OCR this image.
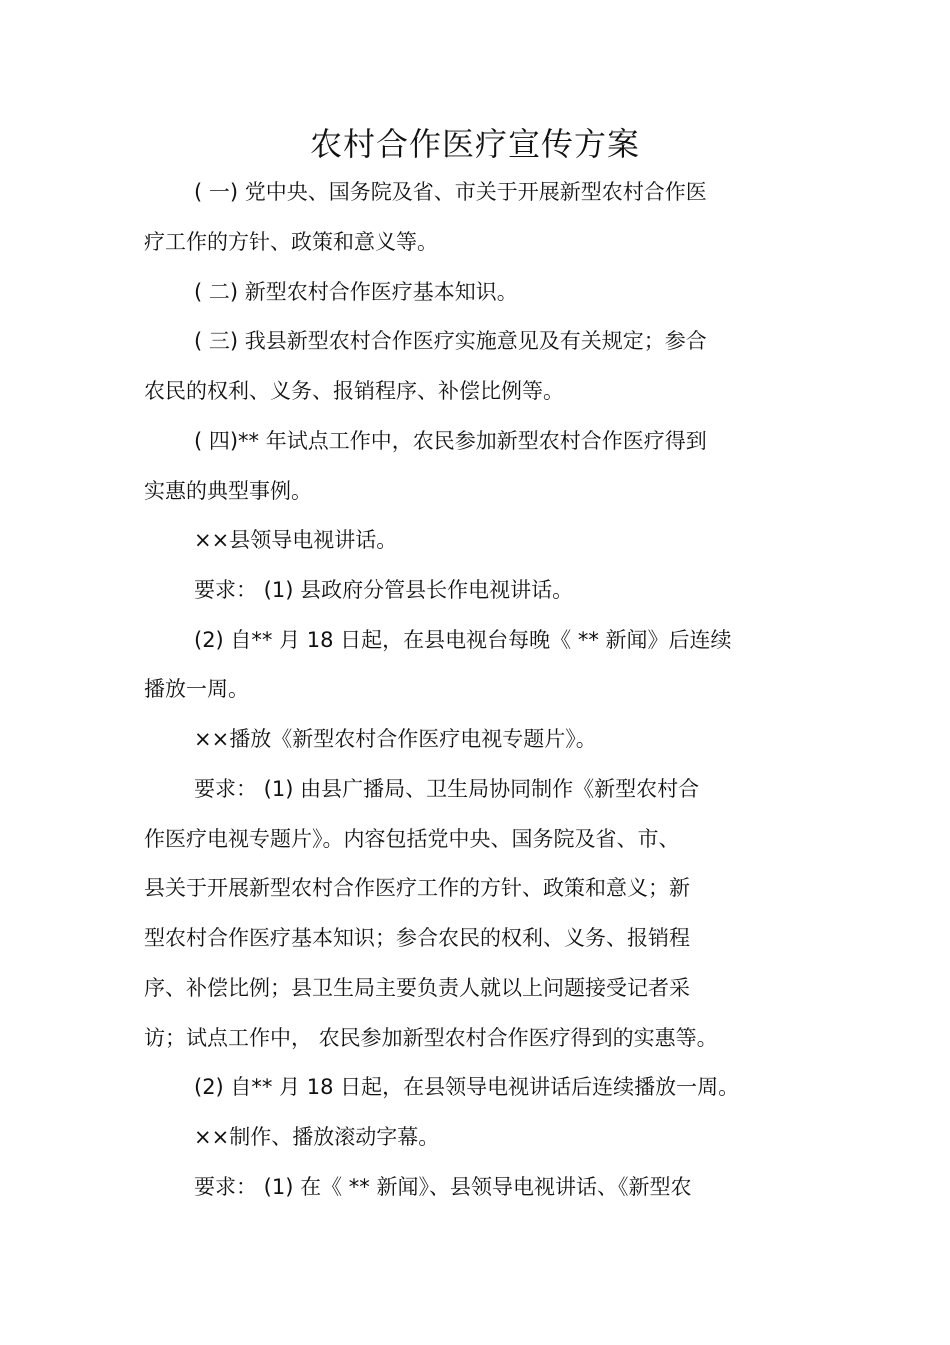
农村合作医疗宣传方案

( 一) 党中央、国务院及省、市关于开展新型农村合作医

疗工作的方针、政策和意义等。

( 二) 新型农村合作医疗基本知识。

( 三) 我县新型农村合作医疗实施意见及有关规定；参合

农民的权利、义务、报销程序、补偿比例等。

( 四)** 年试点工作中，农民参加新型农村合作医疗得到

实惠的典型事例。

××县领导电视讲话。

要求： (1) 县政府分管县长作电视讲话。

(2) 自** 月 18 日起，在县电视台每晚《 ** 新闻》后连续

播放一周。

××播放《新型农村合作医疗电视专题片》。

要求： (1) 由县广播局、卫生局协同制作《新型农村合

作医疗电视专题片》。内容包括党中央、国务院及省、市、

县关于开展新型农村合作医疗工作的方针、政策和意义；新

型农村合作医疗基本知识；参合农民的权利、义务、报销程

序、补偿比例；县卫生局主要负责人就以上问题接受记者采

访；试点工作中， 农民参加新型农村合作医疗得到的实惠等。

(2) 自** 月 18 日起，在县领导电视讲话后连续播放一周。

××制作、播放滚动字幕。

要求： (1) 在《 ** 新闻》、县领导电视讲话、《新型农
